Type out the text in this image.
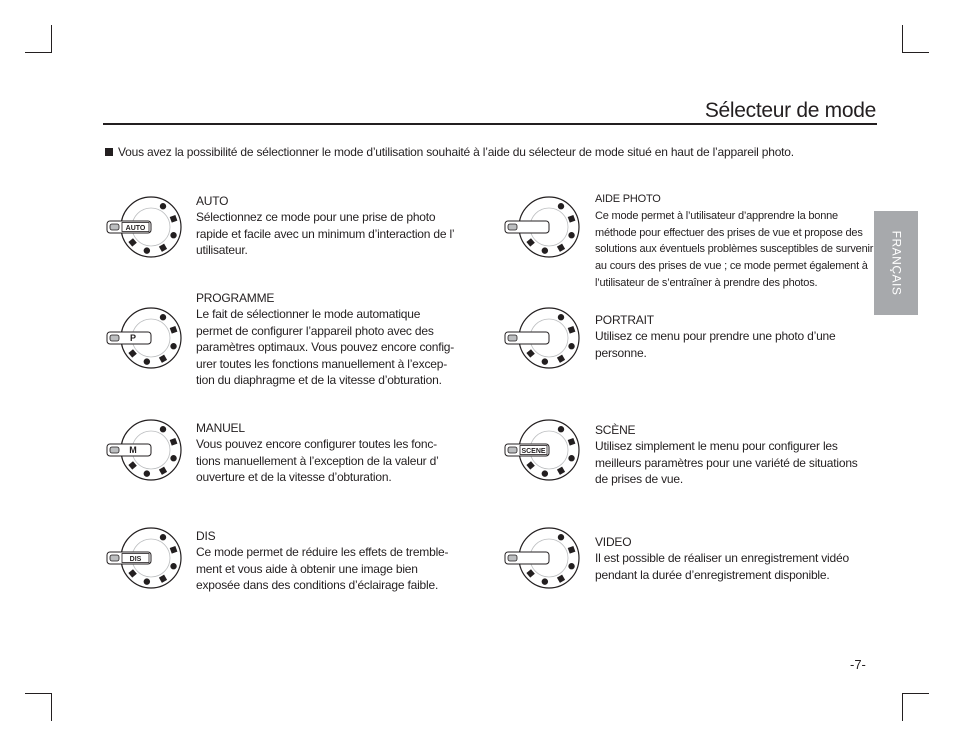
Sélecteur de mode
Vous avez la possibilité de sélectionner le mode d’utilisation souhaité à l’aide du sélecteur de mode situé en haut de l’appareil photo.
FRANÇAIS
AUTO
AUTO
Sélectionnez ce mode pour une prise de photo
rapide et facile avec un minimum d’interaction de l’
utilisateur.
P
PROGRAMME
Le fait de sélectionner le mode automatique
permet de configurer l’appareil photo avec des
paramètres optimaux. Vous pouvez encore config-
urer toutes les fonctions manuellement à l’excep-
tion du diaphragme et de la vitesse d’obturation.
M
MANUEL
Vous pouvez encore configurer toutes les fonc-
tions manuellement à l’exception de la valeur d’
ouverture et de la vitesse d’obturation.
DIS
DIS
Ce mode permet de réduire les effets de tremble-
ment et vous aide à obtenir une image bien
exposée dans des conditions d’éclairage faible.
AIDE PHOTO
Ce mode permet à l’utilisateur d’apprendre la bonne
méthode pour effectuer des prises de vue et propose des
solutions aux éventuels problèmes susceptibles de survenir
au cours des prises de vue ; ce mode permet également à
l’utilisateur de s’entraîner à prendre des photos.
PORTRAIT
Utilisez ce menu pour prendre une photo d’une
personne.
SCENE
SCÈNE
Utilisez simplement le menu pour configurer les
meilleurs paramètres pour une variété de situations
de prises de vue.
VIDEO
Il est possible de réaliser un enregistrement vidéo
pendant la durée d’enregistrement disponible.
-7-
